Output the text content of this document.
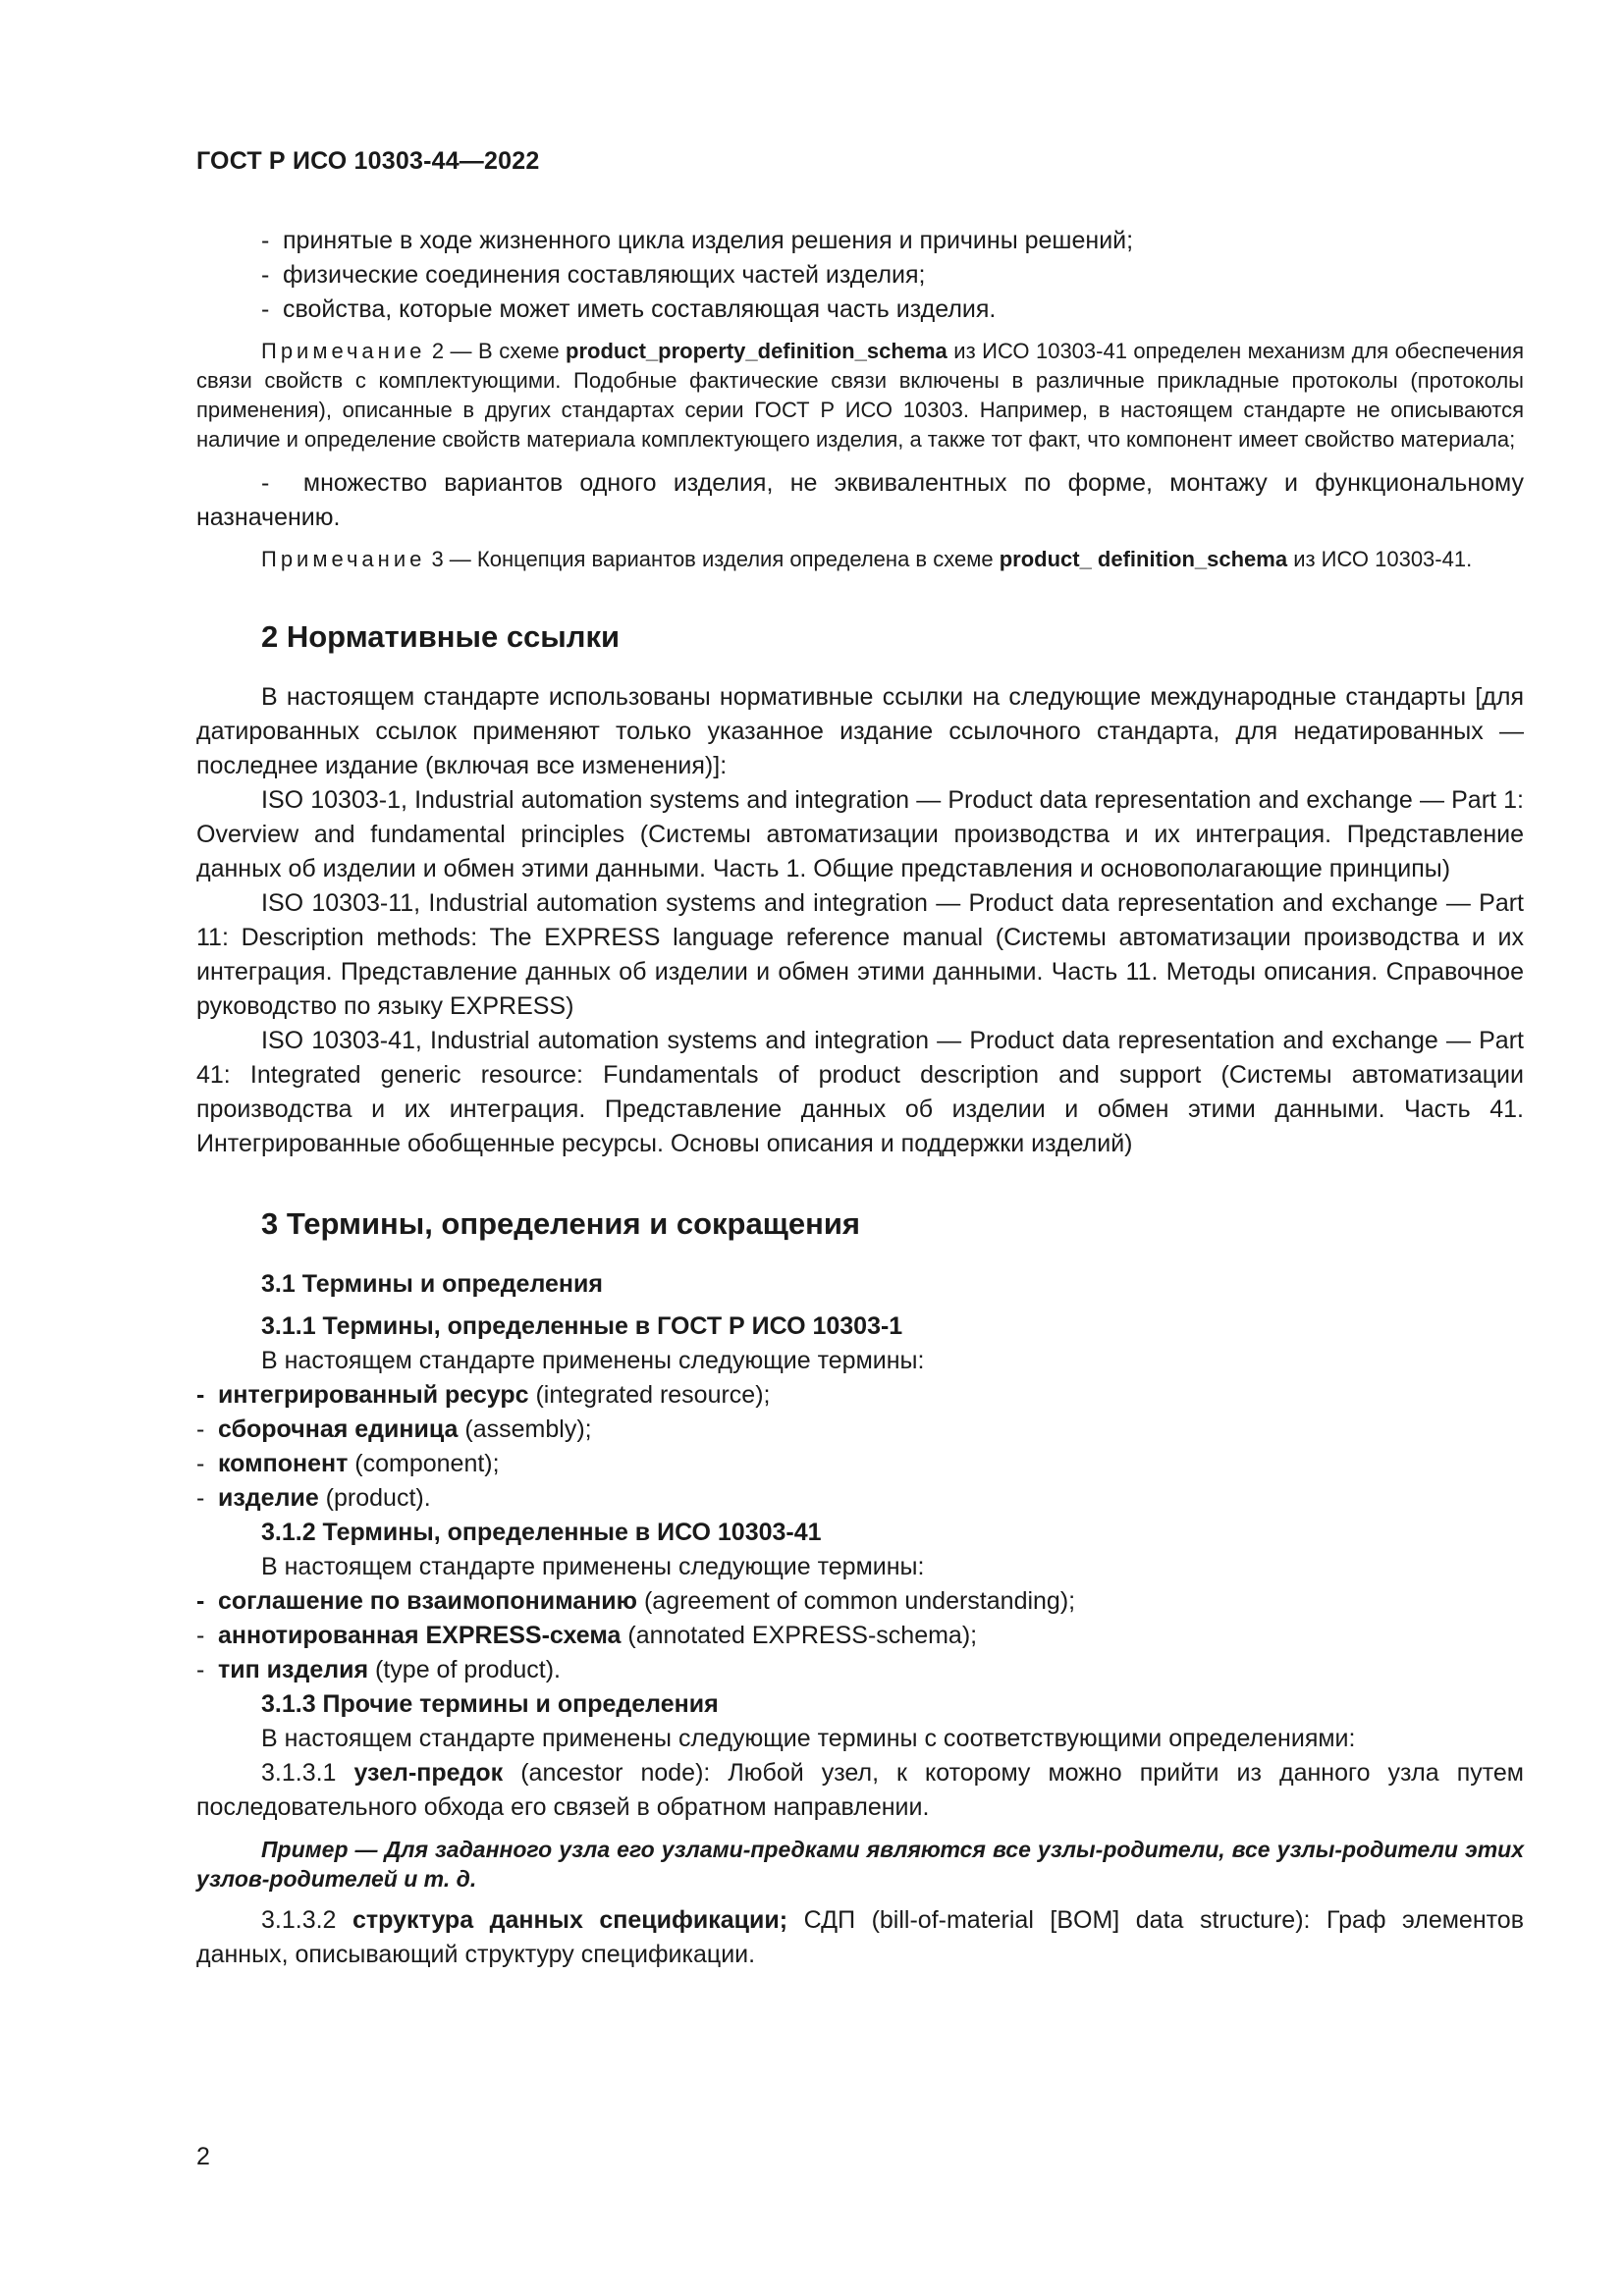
ГОСТ Р ИСО 10303-44—2022
- принятые в ходе жизненного цикла изделия решения и причины решений;
- физические соединения составляющих частей изделия;
- свойства, которые может иметь составляющая часть изделия.

Примечание 2 — В схеме product_property_definition_schema из ИСО 10303-41 определен механизм для обеспечения связи свойств с комплектующими. Подобные фактические связи включены в различные прикладные протоколы (протоколы применения), описанные в других стандартах серии ГОСТ Р ИСО 10303. Например, в настоящем стандарте не описываются наличие и определение свойств материала комплектующего изделия, а также тот факт, что компонент имеет свойство материала;

-  множество вариантов одного изделия, не эквивалентных по форме, монтажу и функциональному назначению.

Примечание 3 — Концепция вариантов изделия определена в схеме product_ definition_schema из ИСО 10303-41.

2 Нормативные ссылки

В настоящем стандарте использованы нормативные ссылки на следующие международные стандарты [для датированных ссылок применяют только указанное издание ссылочного стандарта, для недатированных — последнее издание (включая все изменения)]:

ISO 10303-1, Industrial automation systems and integration — Product data representation and exchange — Part 1: Overview and fundamental principles (Системы автоматизации производства и их интеграция. Представление данных об изделии и обмен этими данными. Часть 1. Общие представления и основополагающие принципы)

ISO 10303-11, Industrial automation systems and integration — Product data representation and exchange — Part 11: Description methods: The EXPRESS language reference manual (Системы автоматизации производства и их интеграция. Представление данных об изделии и обмен этими данными. Часть 11. Методы описания. Справочное руководство по языку EXPRESS)

ISO 10303-41, Industrial automation systems and integration — Product data representation and exchange — Part 41: Integrated generic resource: Fundamentals of product description and support (Системы автоматизации производства и их интеграция. Представление данных об изделии и обмен этими данными. Часть 41. Интегрированные обобщенные ресурсы. Основы описания и поддержки изделий)

3 Термины, определения и сокращения
3.1 Термины и определения
3.1.1 Термины, определенные в ГОСТ Р ИСО 10303-1

В настоящем стандарте применены следующие термины:

- интегрированный ресурс (integrated resource);
- сборочная единица (assembly);
- компонент (component);
- изделие (product).
3.1.2 Термины, определенные в ИСО 10303-41

В настоящем стандарте применены следующие термины:

- соглашение по взаимопониманию (agreement of common understanding);
- аннотированная EXPRESS-схема (annotated EXPRESS-schema);
- тип изделия (type of product).
3.1.3 Прочие термины и определения

В настоящем стандарте применены следующие термины с соответствующими определениями:

3.1.3.1 узел-предок (ancestor node): Любой узел, к которому можно прийти из данного узла путем последовательного обхода его связей в обратном направлении.

Пример — Для заданного узла его узлами-предками являются все узлы-родители, все узлы-родители этих узлов-родителей и т. д.

3.1.3.2 структура данных спецификации; СДП (bill-of-material [BOM] data structure): Граф элементов данных, описывающий структуру спецификации.

2
